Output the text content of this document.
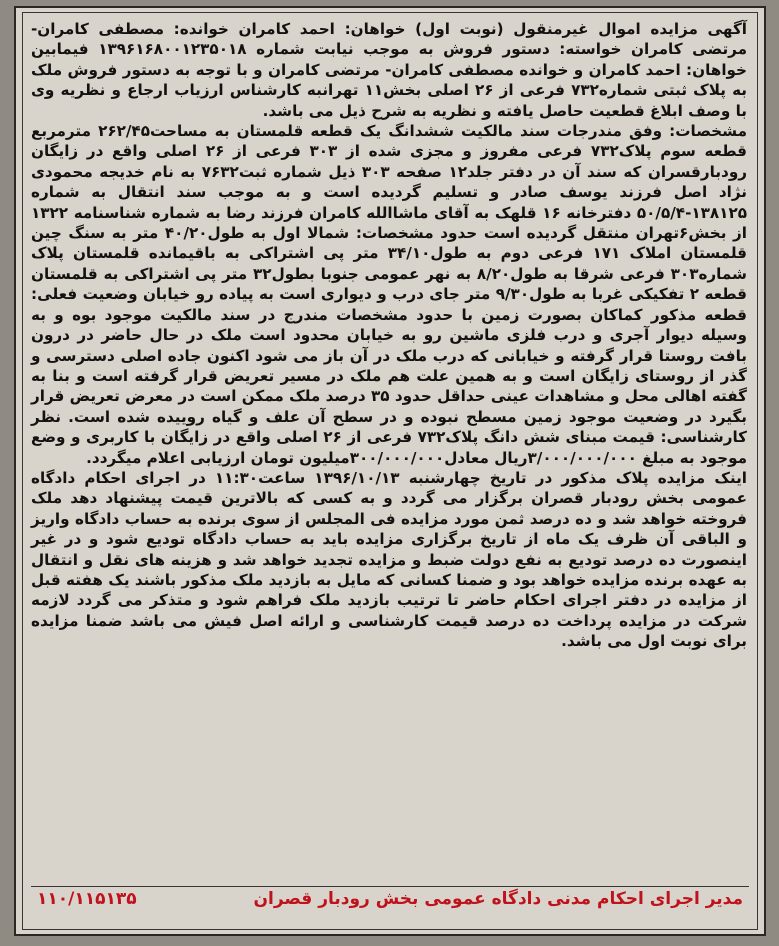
آگهی مزایده اموال غیرمنقول (نوبت اول) خواهان: احمد کامران خوانده: مصطفی کامران- مرتضی کامران خواسته: دستور فروش به موجب نیابت شماره ۱۳۹۶۱۶۸۰۰۱۲۳۵۰۱۸ فیمابین خواهان: احمد کامران و خوانده مصطفی کامران- مرتضی کامران و با توجه به دستور فروش ملک به پلاک ثبتی شماره۷۳۲ فرعی از ۲۶ اصلی بخش۱۱ تهرانبه کارشناس ارزیاب ارجاع و نظریه وی با وصف ابلاغ قطعیت حاصل یافته و نظریه به شرح ذیل می باشد.
مشخصات: وفق مندرجات سند مالکیت ششدانگ یک قطعه قلمستان به مساحت۲۶۲/۴۵ مترمربع قطعه سوم پلاک۷۳۲ فرعی مفروز و مجزی شده از ۳۰۳ فرعی از ۲۶ اصلی واقع در زایگان رودبارقسران که سند آن در دفتر جلد۱۲ صفحه ۳۰۳ ذیل شماره ثبت۷۶۳۲ به نام خدیجه محمودی نژاد اصل فرزند یوسف صادر و تسلیم گردیده است و به موجب سند انتقال به شماره ۱۳۸۱۲۵-۵۰/۵/۴ دفترخانه ۱۶ قلهک به آقای ماشاالله کامران فرزند رضا به شماره شناسنامه ۱۳۲۲ از بخش۶تهران منتقل گردیده است حدود مشخصات: شمالا اول به طول۴۰/۲۰ متر به سنگ چین قلمستان املاک ۱۷۱ فرعی دوم به طول۳۴/۱۰ متر پی اشتراکی به باقیمانده قلمستان پلاک شماره۳۰۳ فرعی شرقا به طول۸/۲۰ به نهر عمومی جنوبا بطول۳۲ متر پی اشتراکی به قلمستان قطعه ۲ تفکیکی غربا به طول۹/۳۰ متر جای درب و دیواری است به پیاده رو خیابان وضعیت فعلی: قطعه مذکور کماکان بصورت زمین با حدود مشخصات مندرج در سند مالکیت موجود بوه و به وسیله دیوار آجری و درب فلزی ماشین رو به خیابان محدود است ملک در حال حاضر در درون بافت روستا قرار گرفته و خیابانی که درب ملک در آن باز می شود اکنون جاده اصلی دسترسی و گذر از روستای زایگان است و به همین علت هم ملک در مسیر تعریض قرار گرفته است و بنا به گفته اهالی محل و مشاهدات عینی حداقل حدود ۳۵ درصد ملک ممکن است در معرض تعریض قرار بگیرد در وضعیت موجود زمین مسطح نبوده و در سطح آن علف و گیاه روییده شده است. نظر کارشناسی: قیمت مبنای شش دانگ پلاک۷۳۲ فرعی از ۲۶ اصلی واقع در زایگان با کاربری و وضع موجود به مبلغ ۳/۰۰۰/۰۰۰/۰۰۰ریال معادل۳۰۰/۰۰۰/۰۰۰میلیون تومان ارزیابی اعلام میگردد.
اینک مزایده پلاک مذکور در تاریخ چهارشنبه ۱۳۹۶/۱۰/۱۳ ساعت۱۱:۳۰ در اجرای احکام دادگاه عمومی بخش رودبار قصران برگزار می گردد و به کسی که بالاترین قیمت پیشنهاد دهد ملک فروخته خواهد شد و ده درصد ثمن مورد مزایده فی المجلس از سوی برنده به حساب دادگاه واریز و الباقی آن ظرف یک ماه از تاریخ برگزاری مزایده باید به حساب دادگاه تودیع شود و در غیر اینصورت ده درصد تودیع به نفع دولت ضبط و مزایده تجدید خواهد شد و هزینه های نقل و انتقال به عهده برنده مزایده خواهد بود و ضمنا کسانی که مایل به بازدید ملک مذکور باشند یک هفته قبل از مزایده در دفتر اجرای احکام حاضر تا ترتیب بازدید ملک فراهم شود و متذکر می گردد لازمه شرکت در مزایده پرداخت ده درصد قیمت کارشناسی و ارائه اصل فیش می باشد ضمنا مزایده برای نوبت اول می باشد.
مدیر اجرای احکام مدنی دادگاه عمومی بخش رودبار قصران
۱۱۰/۱۱۵۱۳۵
